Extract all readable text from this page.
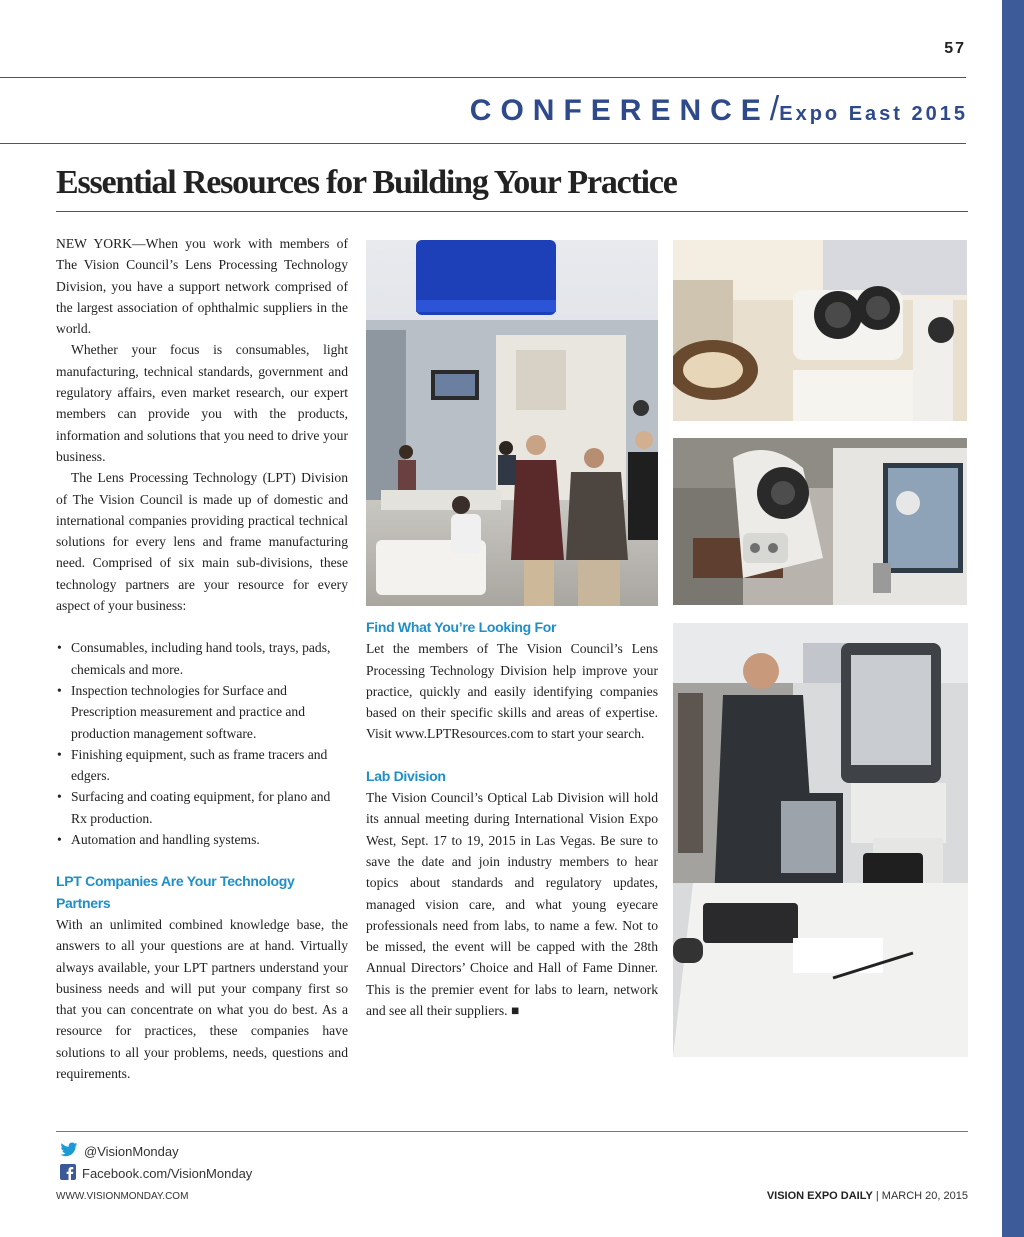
57
CONFERENCE/Expo East 2015
Essential Resources for Building Your Practice

NEW YORK—When you work with members of The Vision Council’s Lens Processing Technology Division, you have a support network comprised of the largest association of ophthalmic suppliers in the world.

Whether your focus is consumables, light manufacturing, technical standards, government and regulatory affairs, even market research, our expert members can provide you with the products, information and solutions that you need to drive your business.

The Lens Processing Technology (LPT) Division of The Vision Council is made up of domestic and international companies providing practical technical solutions for every lens and frame manufacturing need. Comprised of six main sub-divisions, these technology partners are your resource for every aspect of your business:

• Consumables, including hand tools, trays, pads, chemicals and more.
• Inspection technologies for Surface and Prescription measurement and practice and production management software.
• Finishing equipment, such as frame tracers and edgers.
• Surfacing and coating equipment, for plano and Rx production.
• Automation and handling systems.
LPT Companies Are Your Technology Partners

With an unlimited combined knowledge base, the answers to all your questions are at hand. Virtually always available, your LPT partners understand your business needs and will put your company first so that you can concentrate on what you do best. As a resource for practices, these companies have solutions to all your problems, needs, questions and requirements.

Find What You’re Looking For

Let the members of The Vision Council’s Lens Processing Technology Division help improve your practice, quickly and easily identifying companies based on their specific skills and areas of expertise. Visit www.LPTResources.com to start your search.

Lab Division

The Vision Council’s Optical Lab Division will hold its annual meeting during International Vision Expo West, Sept. 17 to 19, 2015 in Las Vegas. Be sure to save the date and join industry members to hear topics about standards and regulatory updates, managed vision care, and what young eyecare professionals need from labs, to name a few. Not to be missed, the event will be capped with the 28th Annual Directors’ Choice and Hall of Fame Dinner. This is the premier event for labs to learn, network and see all their suppliers. ■

@VisionMonday
Facebook.com/VisionMonday
WWW.VISIONMONDAY.COM	VISION EXPO DAILY | MARCH 20, 2015
